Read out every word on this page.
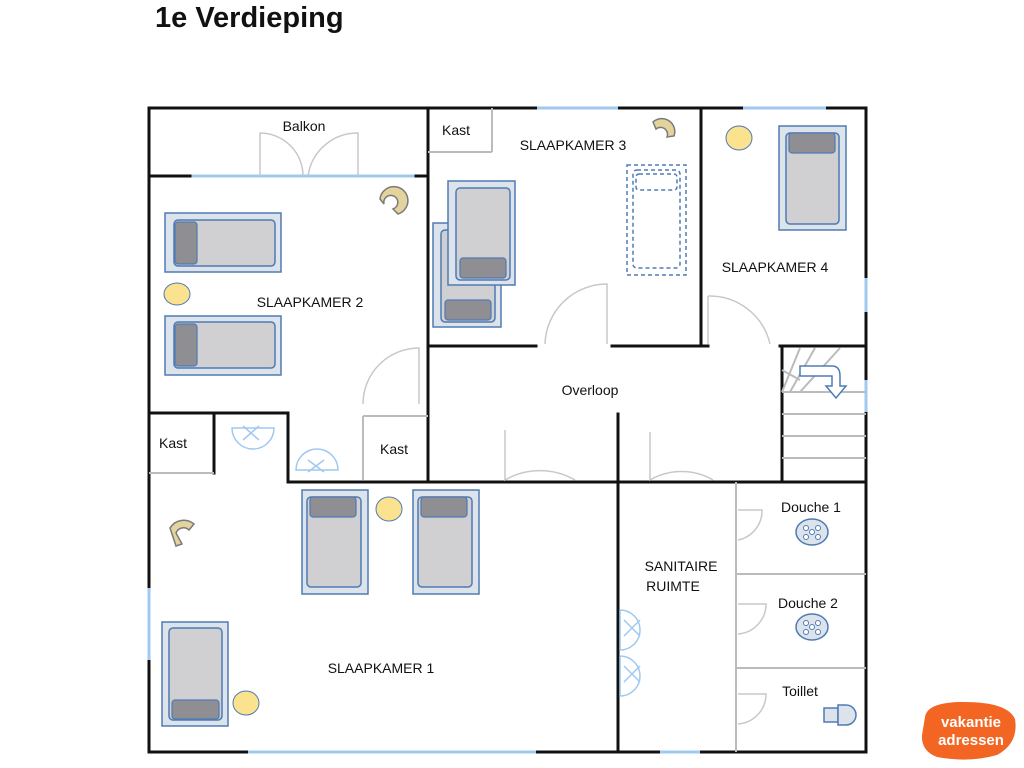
1e Verdieping
Balkon
SLAAPKAMER 3
Kast
SLAAPKAMER 4
SLAAPKAMER 2
Overloop
Kast	Kast
Douche 1
SANITAIRE
RUIMTE
Douche 2
SLAAPKAMER 1
Toillet
vakantie
adressen
